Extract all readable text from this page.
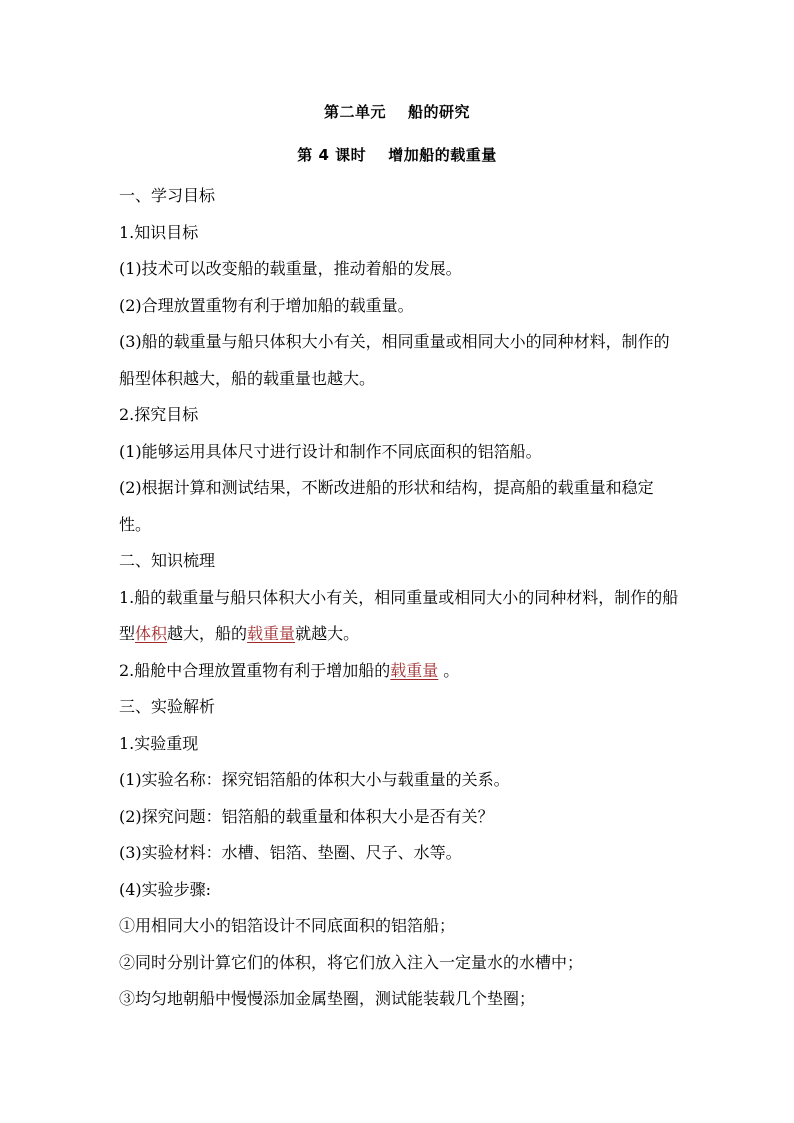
第二单元 船的研究
第 4 课时 增加船的载重量

一、学习目标

1.知识目标

(1)技术可以改变船的载重量，推动着船的发展。

(2)合理放置重物有利于增加船的载重量。

(3)船的载重量与船只体积大小有关，相同重量或相同大小的同种材料，制作的船型体积越大，船的载重量也越大。

2.探究目标

(1)能够运用具体尺寸进行设计和制作不同底面积的铝箔船。

(2)根据计算和测试结果，不断改进船的形状和结构，提高船的载重量和稳定性。

二、知识梳理

1.船的载重量与船只体积大小有关，相同重量或相同大小的同种材料，制作的船型体积越大，船的载重量就越大。

2.船舱中合理放置重物有利于增加船的载重量 。

三、实验解析

1.实验重现

(1)实验名称：探究铝箔船的体积大小与载重量的关系。

(2)探究问题：铝箔船的载重量和体积大小是否有关？

(3)实验材料：水槽、铝箔、垫圈、尺子、水等。

(4)实验步骤:

①用相同大小的铝箔设计不同底面积的铝箔船；

②同时分别计算它们的体积，将它们放入注入一定量水的水槽中；

③均匀地朝船中慢慢添加金属垫圈，测试能装载几个垫圈；
